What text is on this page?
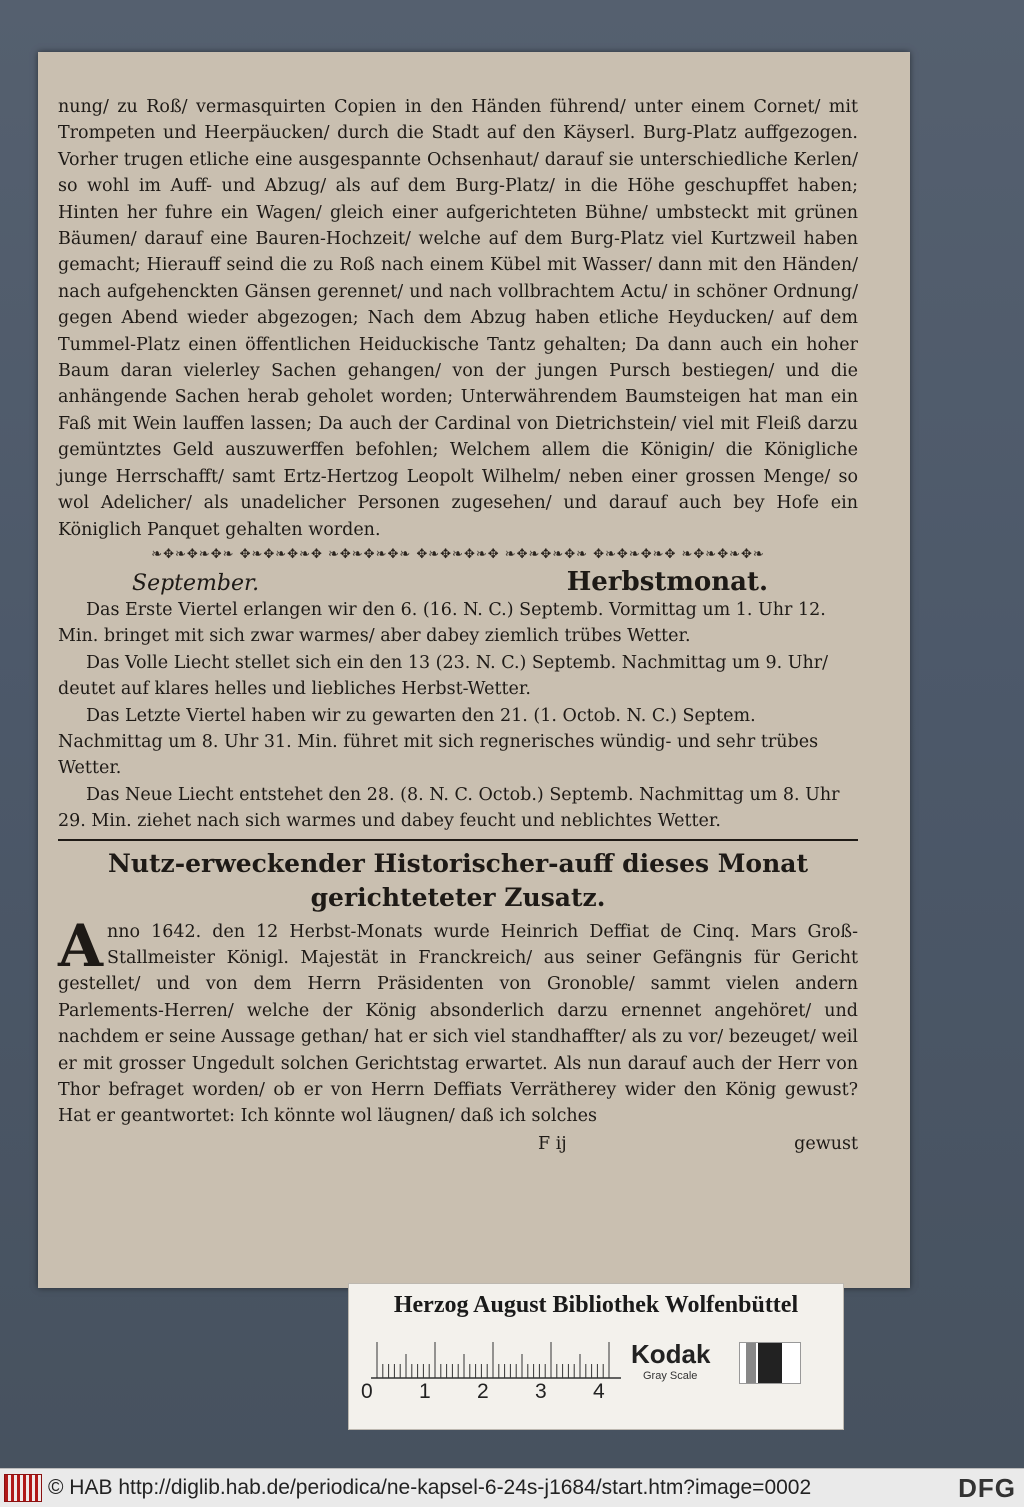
nung/ zu Roß/ vermasquirten Copien in den Händen führend/ unter einem Cornet/ mit Trompeten und Heerpäucken/ durch die Stadt auf den Käyserl. Burg-Platz auffgezogen. Vorher trugen etliche eine ausgespannte Ochsenhaut/ darauf sie unterschiedliche Kerlen/ so wohl im Auff- und Abzug/ als auf dem Burg-Platz/ in die Höhe geschupffet haben; Hinten her fuhre ein Wagen/ gleich einer aufgerichteten Bühne/ umbsteckt mit grünen Bäumen/ darauf eine Bauren-Hochzeit/ welche auf dem Burg-Platz viel Kurtzweil haben gemacht; Hierauff seind die zu Roß nach einem Kübel mit Wasser/ dann mit den Händen/ nach aufgehenckten Gänsen gerennet/ und nach vollbrachtem Actu/ in schöner Ordnung/ gegen Abend wieder abgezogen; Nach dem Abzug haben etliche Heyducken/ auf dem Tummel-Platz einen öffentlichen Heiduckische Tantz gehalten; Da dann auch ein hoher Baum daran vielerley Sachen gehangen/ von der jungen Pursch bestiegen/ und die anhängende Sachen herab geholet worden; Unterwährendem Baumsteigen hat man ein Faß mit Wein lauffen lassen; Da auch der Cardinal von Dietrichstein/ viel mit Fleiß darzu gemüntztes Geld auszuwerffen befohlen; Welchem allem die Königin/ die Königliche junge Herrschafft/ samt Ertz-Hertzog Leopolt Wilhelm/ neben einer grossen Menge/ so wol Adelicher/ als unadelicher Personen zugesehen/ und darauf auch bey Hofe ein Königlich Panquet gehalten worden.

❧✥❧✥❧✥❧ ✥❧✥❧✥❧✥ ❧✥❧✥❧✥❧ ✥❧✥❧✥❧✥ ❧✥❧✥❧✥❧ ✥❧✥❧✥❧✥ ❧✥❧✥❧✥❧
September.	Herbstmonat.

Das Erste Viertel erlangen wir den 6. (16. N. C.) Septemb. Vormittag um 1. Uhr 12. Min. bringet mit sich zwar warmes/ aber dabey ziemlich trübes Wetter.

Das Volle Liecht stellet sich ein den 13 (23. N. C.) Septemb. Nachmittag um 9. Uhr/ deutet auf klares helles und liebliches Herbst-Wetter.

Das Letzte Viertel haben wir zu gewarten den 21. (1. Octob. N. C.) Septem. Nachmittag um 8. Uhr 31. Min. führet mit sich regnerisches wündig- und sehr trübes Wetter.

Das Neue Liecht entstehet den 28. (8. N. C. Octob.) Septemb. Nachmittag um 8. Uhr 29. Min. ziehet nach sich warmes und dabey feucht und neblichtes Wetter.

Nutz-erweckender Historischer-auff dieses Monat gerichteteter Zusatz.

Anno 1642. den 12 Herbst-Monats wurde Heinrich Deffiat de Cinq. Mars Groß-Stallmeister Königl. Majestät in Franckreich/ aus seiner Gefängnis für Gericht gestellet/ und von dem Herrn Präsidenten von Gronoble/ sammt vielen andern Parlements-Herren/ welche der König absonderlich darzu ernennet angehöret/ und nachdem er seine Aussage gethan/ hat er sich viel standhaffter/ als zu vor/ bezeuget/ weil er mit grosser Ungedult solchen Gerichtstag erwartet. Als nun darauf auch der Herr von Thor befraget worden/ ob er von Herrn Deffiats Verrätherey wider den König gewust? Hat er geantwortet: Ich könnte wol läugnen/ daß ich solches

F ij	gewust
Herzog August Bibliothek Wolfenbüttel
0 1 2 3 4
Kodak
Gray Scale
© HAB http://diglib.hab.de/periodica/ne-kapsel-6-24s-j1684/start.htm?image=0002	DFG
